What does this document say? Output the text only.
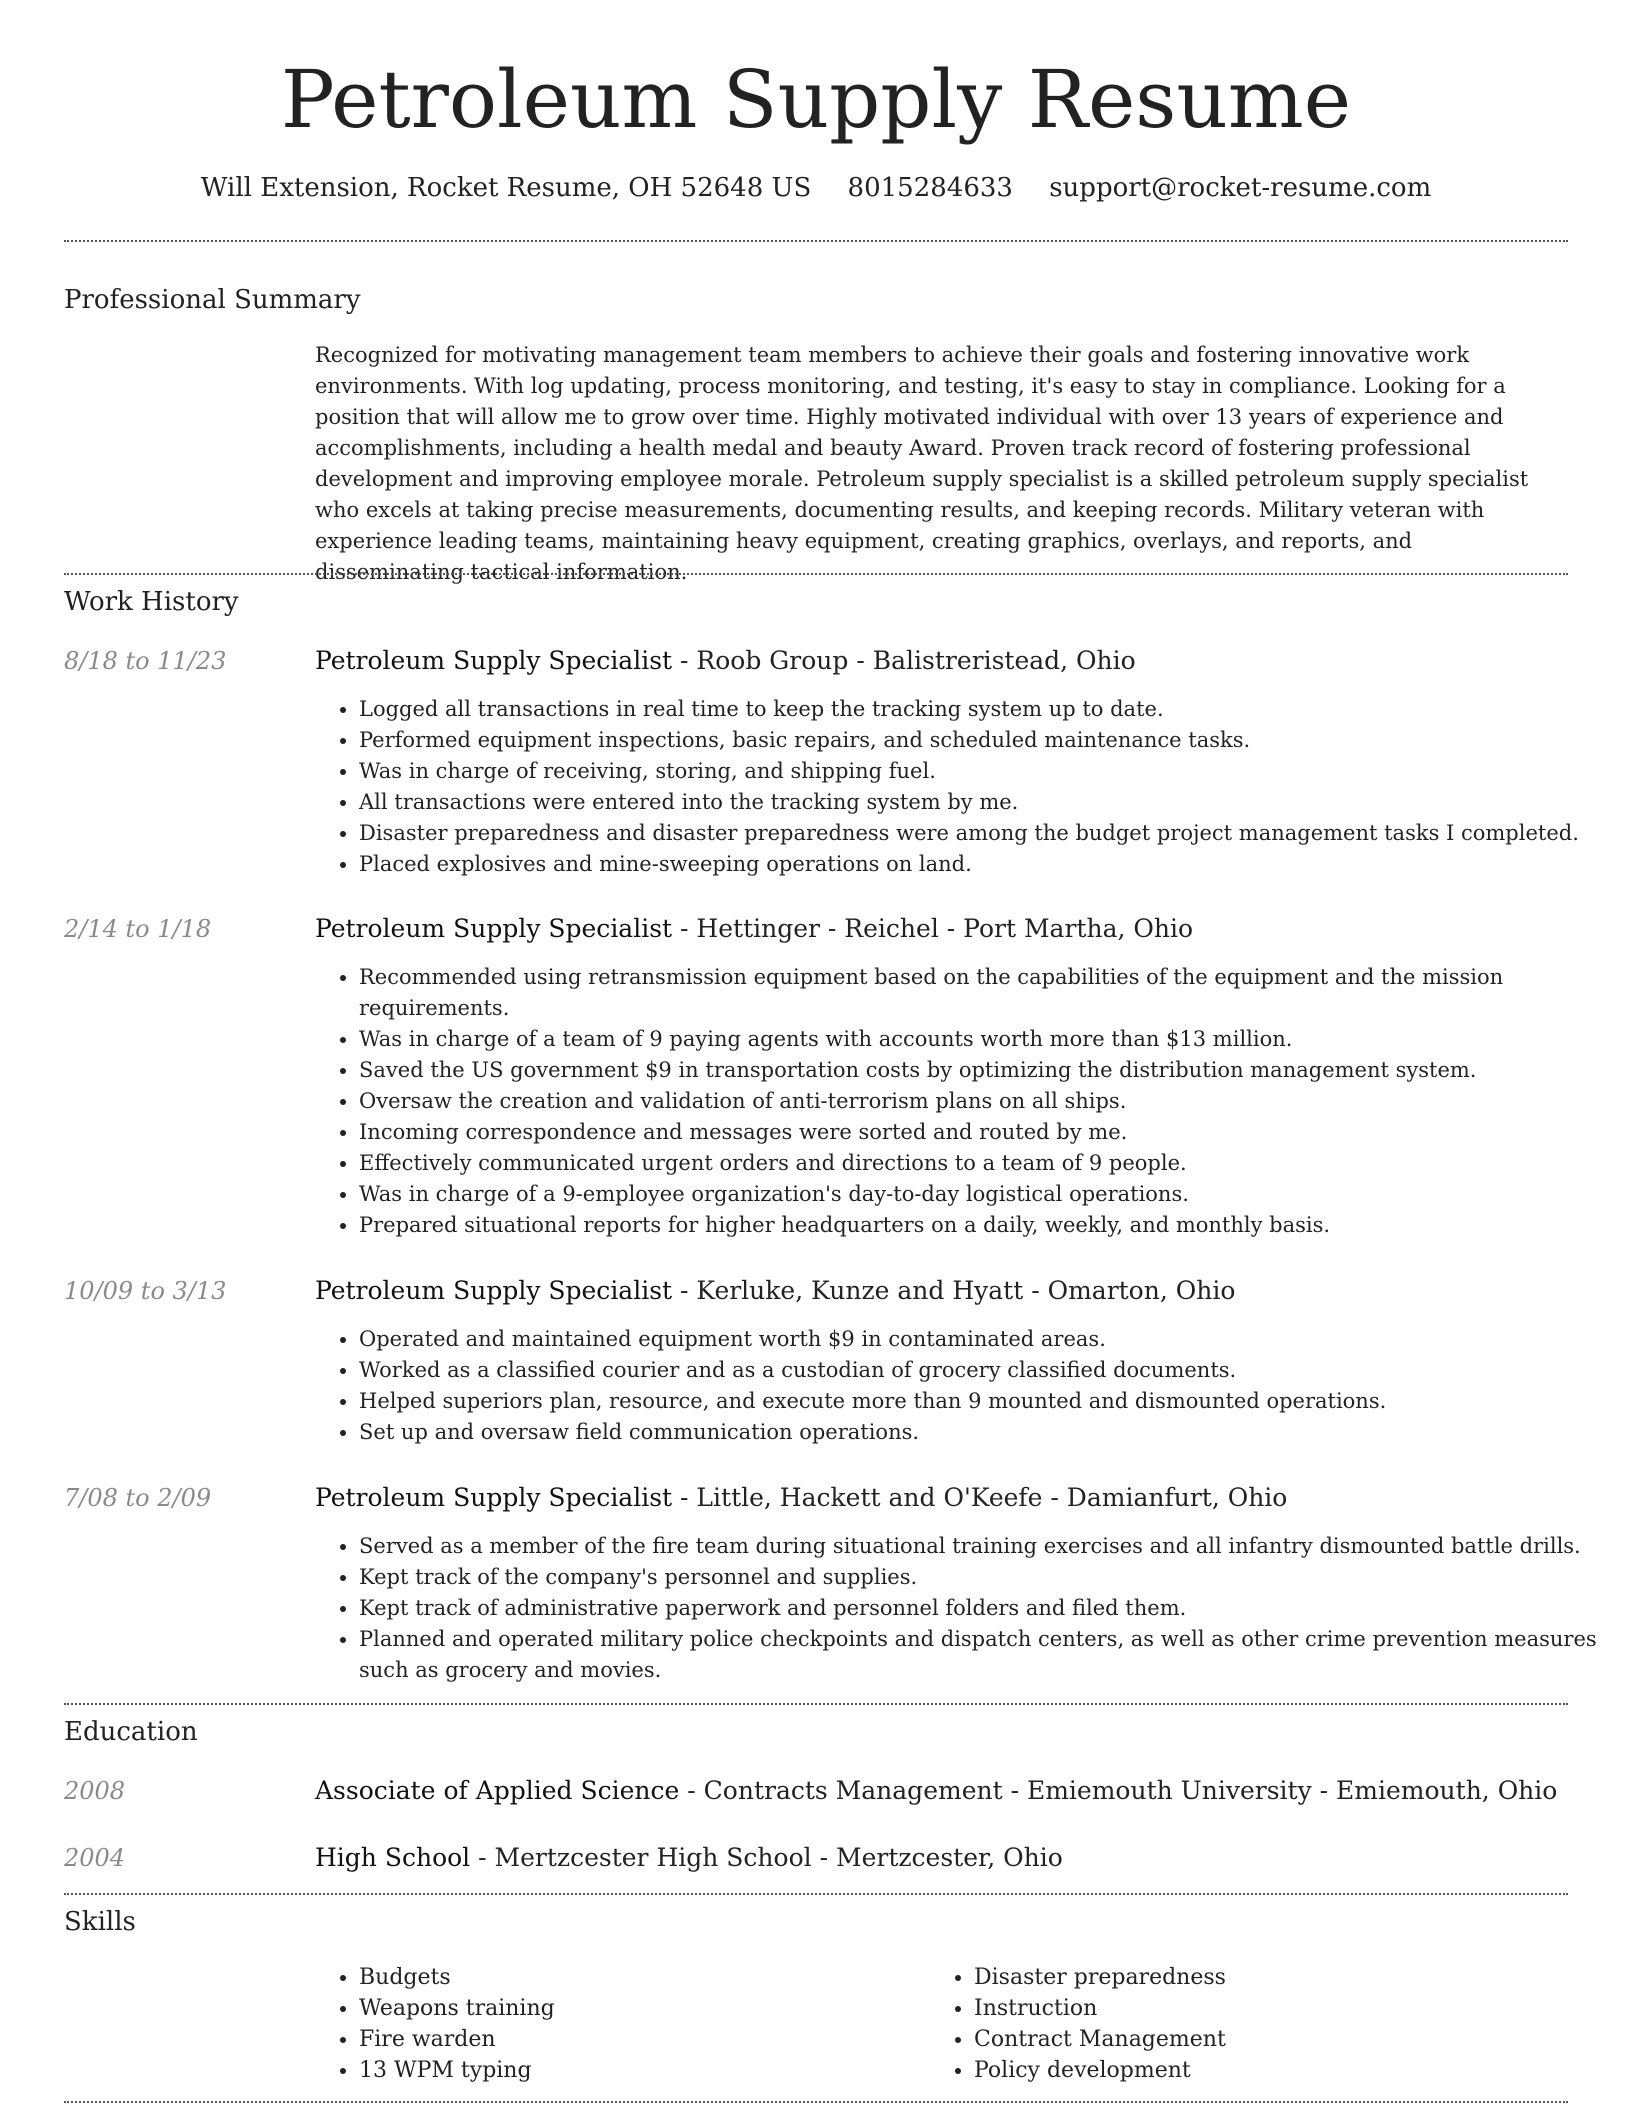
Petroleum Supply Resume
Will Extension, Rocket Resume, OH 52648 US 8015284633 support@rocket-resume.com
Professional Summary
Recognized for motivating management team members to achieve their goals and fostering innovative work environments. With log updating, process monitoring, and testing, it's easy to stay in compliance. Looking for a position that will allow me to grow over time. Highly motivated individual with over 13 years of experience and accomplishments, including a health medal and beauty Award. Proven track record of fostering professional development and improving employee morale. Petroleum supply specialist is a skilled petroleum supply specialist who excels at taking precise measurements, documenting results, and keeping records. Military veteran with experience leading teams, maintaining heavy equipment, creating graphics, overlays, and reports, and disseminating tactical information.
Work History
8/18 to 11/23	Petroleum Supply Specialist - Roob Group - Balistreristead, Ohio
• Logged all transactions in real time to keep the tracking system up to date.
• Performed equipment inspections, basic repairs, and scheduled maintenance tasks.
• Was in charge of receiving, storing, and shipping fuel.
• All transactions were entered into the tracking system by me.
• Disaster preparedness and disaster preparedness were among the budget project management tasks I completed.
• Placed explosives and mine-sweeping operations on land.
2/14 to 1/18	Petroleum Supply Specialist - Hettinger - Reichel - Port Martha, Ohio
• Recommended using retransmission equipment based on the capabilities of the equipment and the mission requirements.
• Was in charge of a team of 9 paying agents with accounts worth more than $13 million.
• Saved the US government $9 in transportation costs by optimizing the distribution management system.
• Oversaw the creation and validation of anti-terrorism plans on all ships.
• Incoming correspondence and messages were sorted and routed by me.
• Effectively communicated urgent orders and directions to a team of 9 people.
• Was in charge of a 9-employee organization's day-to-day logistical operations.
• Prepared situational reports for higher headquarters on a daily, weekly, and monthly basis.
10/09 to 3/13	Petroleum Supply Specialist - Kerluke, Kunze and Hyatt - Omarton, Ohio
• Operated and maintained equipment worth $9 in contaminated areas.
• Worked as a classified courier and as a custodian of grocery classified documents.
• Helped superiors plan, resource, and execute more than 9 mounted and dismounted operations.
• Set up and oversaw field communication operations.
7/08 to 2/09	Petroleum Supply Specialist - Little, Hackett and O'Keefe - Damianfurt, Ohio
• Served as a member of the fire team during situational training exercises and all infantry dismounted battle drills.
• Kept track of the company's personnel and supplies.
• Kept track of administrative paperwork and personnel folders and filed them.
• Planned and operated military police checkpoints and dispatch centers, as well as other crime prevention measures such as grocery and movies.
Education
2008	Associate of Applied Science - Contracts Management - Emiemouth University - Emiemouth, Ohio
2004	High School - Mertzcester High School - Mertzcester, Ohio
Skills
• Budgets
• Weapons training
• Fire warden
• 13 WPM typing
• Disaster preparedness
• Instruction
• Contract Management
• Policy development
